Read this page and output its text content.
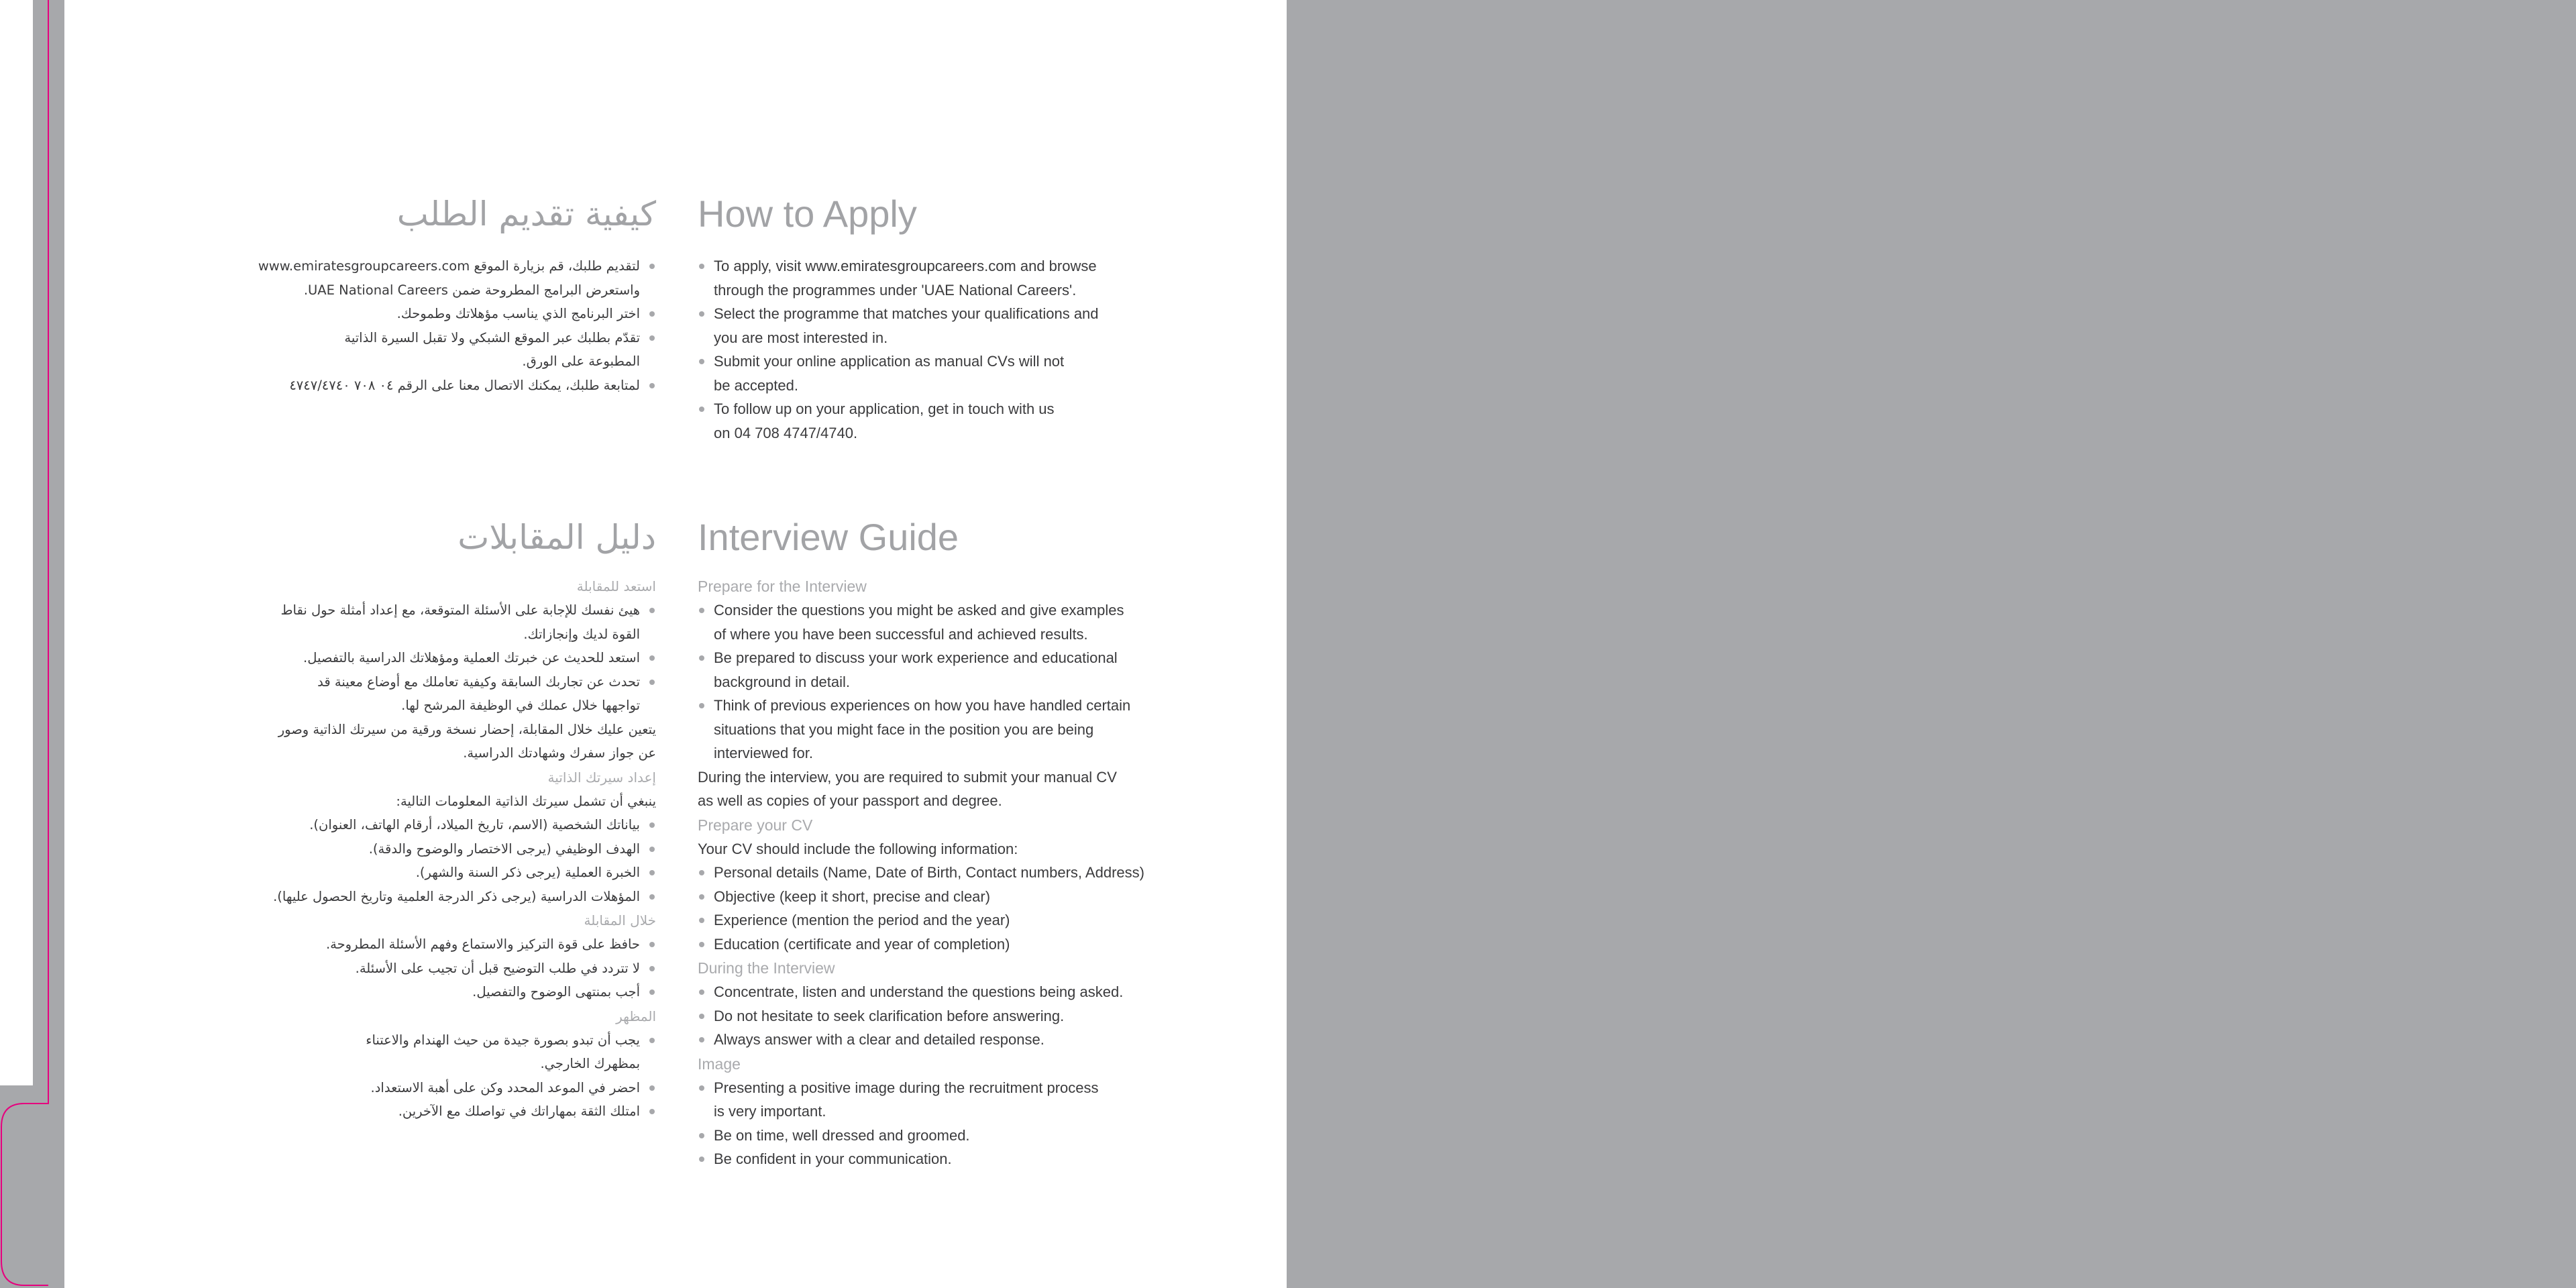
How to Apply
To apply, visit www.emiratesgroupcareers.com and browse
through the programmes under 'UAE National Careers'.
Select the programme that matches your qualifications and
you are most interested in.
Submit your online application as manual CVs will not
be accepted.
To follow up on your application, get in touch with us
on 04 708 4747/4740.
Interview Guide
Prepare for the Interview
Consider the questions you might be asked and give examples
of where you have been successful and achieved results.
Be prepared to discuss your work experience and educational
background in detail.
Think of previous experiences on how you have handled certain
situations that you might face in the position you are being
interviewed for.
During the interview, you are required to submit your manual CV
as well as copies of your passport and degree.
Prepare your CV
Your CV should include the following information:
Personal details (Name, Date of Birth, Contact numbers, Address)
Objective (keep it short, precise and clear)
Experience (mention the period and the year)
Education (certificate and year of completion)
During the Interview
Concentrate, listen and understand the questions being asked.
Do not hesitate to seek clarification before answering.
Always answer with a clear and detailed response.
Image
Presenting a positive image during the recruitment process
is very important.
Be on time, well dressed and groomed.
Be confident in your communication.
كيفية تقديم الطلب
لتقديم طلبك، قم بزيارة الموقع www.emiratesgroupcareers.com
واستعرض البرامج المطروحة ضمن UAE National Careers.
اختر البرنامج الذي يناسب مؤهلاتك وطموحك.
تقدّم بطلبك عبر الموقع الشبكي ولا تقبل السيرة الذاتية
المطبوعة على الورق.
لمتابعة طلبك، يمكنك الاتصال معنا على الرقم ٠٤ ٧٠٨ ٤٧٤٧/٤٧٤٠
دليل المقابلات
استعد للمقابلة
هيئ نفسك للإجابة على الأسئلة المتوقعة، مع إعداد أمثلة حول نقاط
القوة لديك وإنجازاتك.
استعد للحديث عن خبرتك العملية ومؤهلاتك الدراسية بالتفصيل.
تحدث عن تجاربك السابقة وكيفية تعاملك مع أوضاع معينة قد
تواجهها خلال عملك في الوظيفة المرشح لها.
يتعين عليك خلال المقابلة، إحضار نسخة ورقية من سيرتك الذاتية وصور
عن جواز سفرك وشهادتك الدراسية.
إعداد سيرتك الذاتية
ينبغي أن تشمل سيرتك الذاتية المعلومات التالية:
بياناتك الشخصية (الاسم، تاريخ الميلاد، أرقام الهاتف، العنوان).
الهدف الوظيفي (يرجى الاختصار والوضوح والدقة).
الخبرة العملية (يرجى ذكر السنة والشهر).
المؤهلات الدراسية (يرجى ذكر الدرجة العلمية وتاريخ الحصول عليها).
خلال المقابلة
حافظ على قوة التركيز والاستماع وفهم الأسئلة المطروحة.
لا تتردد في طلب التوضيح قبل أن تجيب على الأسئلة.
أجب بمنتهى الوضوح والتفصيل.
المظهر
يجب أن تبدو بصورة جيدة من حيث الهندام والاعتناء
بمظهرك الخارجي.
احضر في الموعد المحدد وكن على أهبة الاستعداد.
امتلك الثقة بمهاراتك في تواصلك مع الآخرين.
